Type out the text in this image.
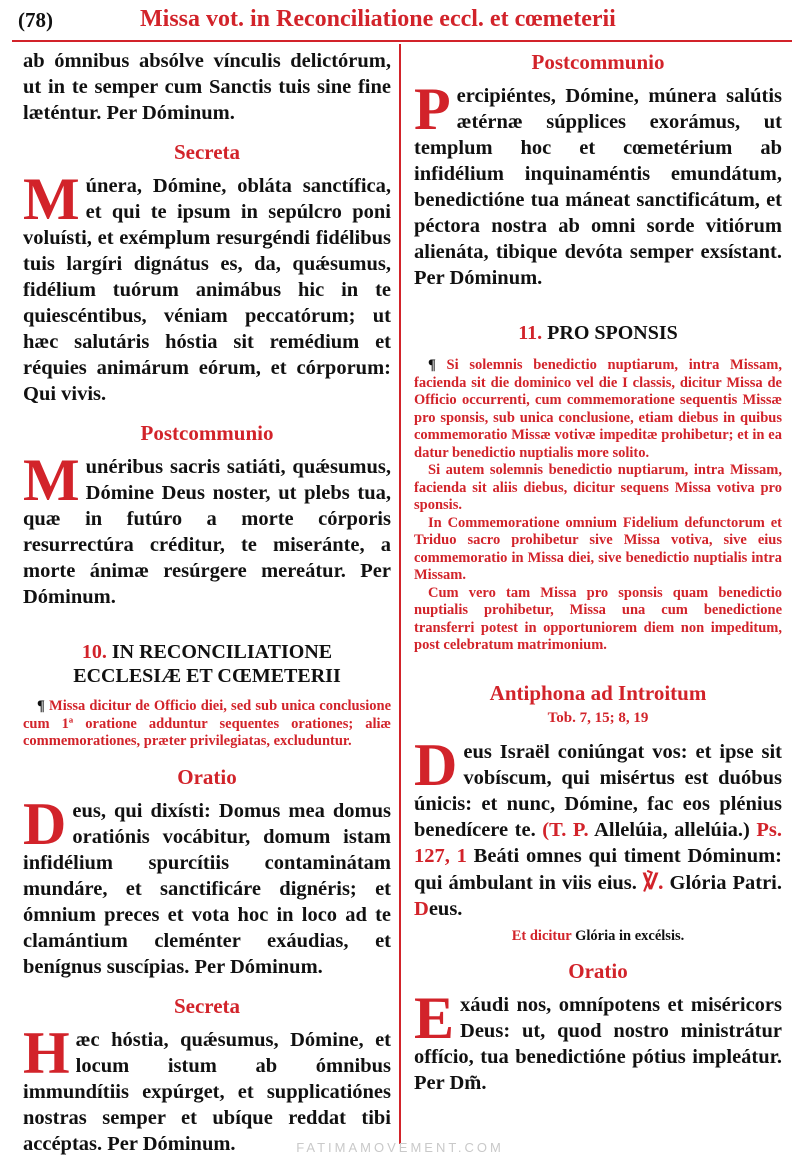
(78)	Missa vot. in Reconciliatione eccl. et cœmeterii

ab ómnibus absólve vínculis delictórum, ut in te semper cum Sanctis tuis sine fine læténtur. Per Dóminum.

Secreta

Múnera, Dómine, obláta sanctífica, et qui te ipsum in sepúlcro poni voluísti, et exémplum resurgéndi fidélibus tuis largíri dignátus es, da, quǽsumus, fidélium tuórum animábus hic in te quiescéntibus, véniam peccatórum; ut hæc salutáris hóstia sit remédium et réquies animárum eórum, et córporum: Qui vivis.

Postcommunio

Munéribus sacris satiáti, quǽsumus, Dómine Deus noster, ut plebs tua, quæ in futúro a morte córporis resurrectúra créditur, te miseránte, a morte ánimæ resúrgere mereátur. Per Dóminum.

10. IN RECONCILIATIONE
ECCLESIÆ ET CŒMETERII

¶ Missa dicitur de Officio diei, sed sub unica conclusione cum 1ª oratione adduntur sequentes orationes; aliæ commemorationes, præter privilegiatas, excluduntur.

Oratio

Deus, qui dixísti: Domus mea domus oratiónis vocábitur, domum istam infidélium spurcítiis contaminátam mundáre, et sanctificáre dignéris; et ómnium preces et vota hoc in loco ad te clamántium cleménter exáudias, et benígnus suscípias. Per Dóminum.

Secreta

Hæc hóstia, quǽsumus, Dómine, et locum istum ab ómnibus immundítiis expúrget, et supplicatiónes nostras semper et ubíque reddat tibi accéptas. Per Dóminum.

Postcommunio

Percipiéntes, Dómine, múnera salútis ætérnæ súpplices exorámus, ut templum hoc et cœmetérium ab infidélium inquinaméntis emundátum, benedictióne tua máneat sanctificátum, et péctora nostra ab omni sorde vitiórum alienáta, tibique devóta semper exsístant. Per Dóminum.

11. PRO SPONSIS

¶ Si solemnis benedictio nuptiarum, intra Missam, facienda sit die dominico vel die I classis, dicitur Missa de Officio occurrenti, cum commemoratione sequentis Missæ pro sponsis, sub unica conclusione, etiam diebus in quibus commemoratio Missæ votivæ impeditæ prohibetur; et in ea datur benedictio nuptialis more solito.

Si autem solemnis benedictio nuptiarum, intra Missam, facienda sit aliis diebus, dicitur sequens Missa votiva pro sponsis.

In Commemoratione omnium Fidelium defunctorum et Triduo sacro prohibetur sive Missa votiva, sive eius commemoratio in Missa diei, sive benedictio nuptialis intra Missam.

Cum vero tam Missa pro sponsis quam benedictio nuptialis prohibetur, Missa una cum benedictione transferri potest in opportuniorem diem non impeditum, post celebratum matrimonium.

Antiphona ad Introitum
Tob. 7, 15; 8, 19

Deus Israël coniúngat vos: et ipse sit vobíscum, qui misértus est duóbus únicis: et nunc, Dómine, fac eos plénius benedícere te. (T. P. Allelúia, allelúia.) Ps. 127, 1 Beáti omnes qui timent Dóminum: qui ámbulant in viis eius. ℣. Glória Patri. Deus.

Et dicitur Glória in excélsis.
Oratio

Exáudi nos, omnípotens et miséricors Deus: ut, quod nostro ministrátur offício, tua benedictióne pótius impleátur. Per Dm̃.

FATIMAMOVEMENT.COM
